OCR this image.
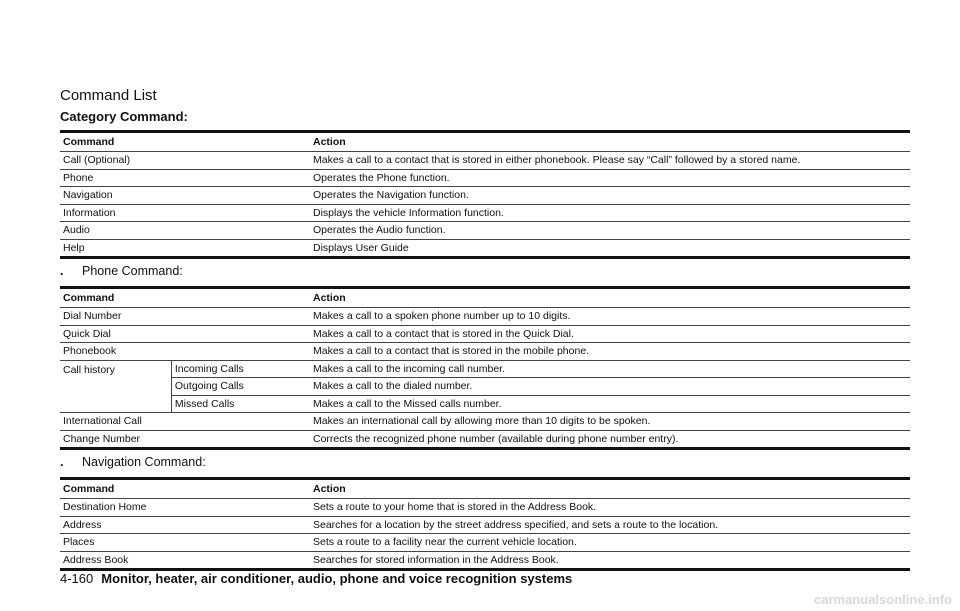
Command List
Category Command:
Command	Action
Call (Optional)	Makes a call to a contact that is stored in either phonebook. Please say “Call” followed by a stored name.
Phone	Operates the Phone function.
Navigation	Operates the Navigation function.
Information	Displays the vehicle Information function.
Audio	Operates the Audio function.
Help	Displays User Guide
. Phone Command:
Command		Action
Dial Number		Makes a call to a spoken phone number up to 10 digits.
Quick Dial		Makes a call to a contact that is stored in the Quick Dial.
Phonebook		Makes a call to a contact that is stored in the mobile phone.
Call history	Incoming Calls	Makes a call to the incoming call number.
	Outgoing Calls	Makes a call to the dialed number.
	Missed Calls	Makes a call to the Missed calls number.
International Call		Makes an international call by allowing more than 10 digits to be spoken.
Change Number		Corrects the recognized phone number (available during phone number entry).
. Navigation Command:
Command	Action
Destination Home	Sets a route to your home that is stored in the Address Book.
Address	Searches for a location by the street address specified, and sets a route to the location.
Places	Sets a route to a facility near the current vehicle location.
Address Book	Searches for stored information in the Address Book.
4-160 Monitor, heater, air conditioner, audio, phone and voice recognition systems
carmanualsonline.info
